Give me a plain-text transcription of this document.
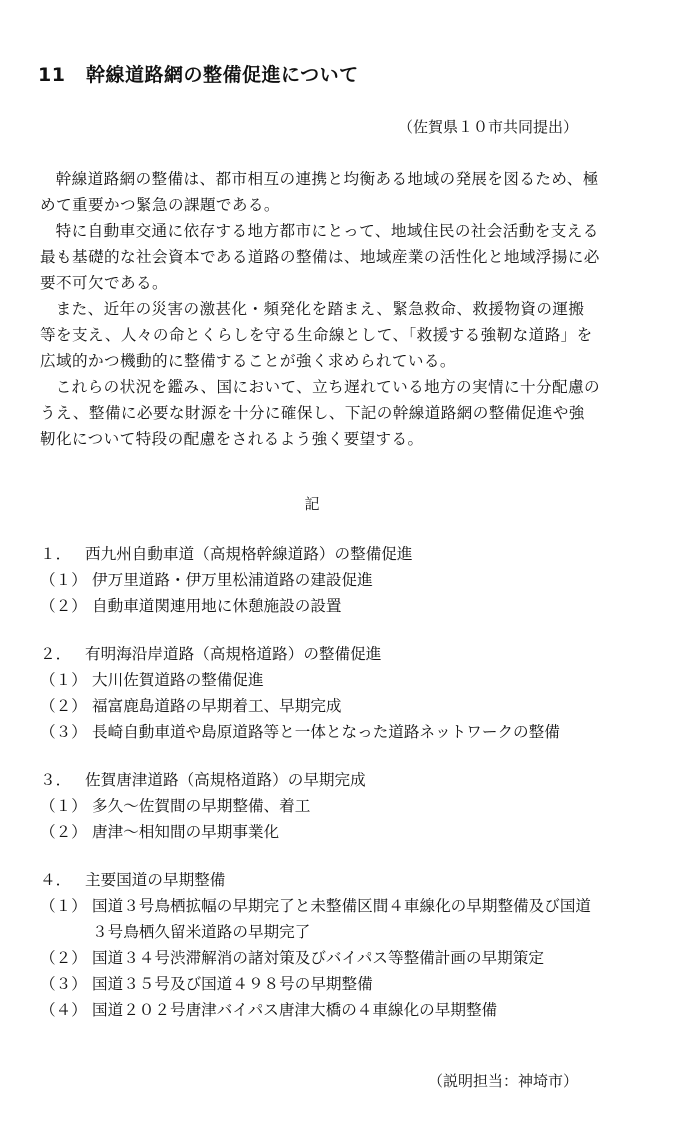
11 幹線道路網の整備促進について
（佐賀県１０市共同提出）

幹線道路網の整備は、都市相互の連携と均衡ある地域の発展を図るため、極めて重要かつ緊急の課題である。

特に自動車交通に依存する地方都市にとって、地域住民の社会活動を支える最も基礎的な社会資本である道路の整備は、地域産業の活性化と地域浮揚に必要不可欠である。

また、近年の災害の激甚化・頻発化を踏まえ、緊急救命、救援物資の運搬等を支え、人々の命とくらしを守る生命線として、「救援する強靭な道路」を広域的かつ機動的に整備することが強く求められている。

これらの状況を鑑み、国において、立ち遅れている地方の実情に十分配慮のうえ、整備に必要な財源を十分に確保し、下記の幹線道路網の整備促進や強靭化について特段の配慮をされるよう強く要望する。

記
１． 西九州自動車道（高規格幹線道路）の整備促進
（１） 伊万里道路・伊万里松浦道路の建設促進
（２） 自動車道関連用地に休憩施設の設置
２． 有明海沿岸道路（高規格道路）の整備促進
（１） 大川佐賀道路の整備促進
（２） 福富鹿島道路の早期着工、早期完成
（３） 長崎自動車道や島原道路等と一体となった道路ネットワークの整備
３． 佐賀唐津道路（高規格道路）の早期完成
（１） 多久～佐賀間の早期整備、着工
（２） 唐津～相知間の早期事業化
４． 主要国道の早期整備
（１） 国道３号鳥栖拡幅の早期完了と未整備区間４車線化の早期整備及び国道３号鳥栖久留米道路の早期完了
（２） 国道３４号渋滞解消の諸対策及びバイパス等整備計画の早期策定
（３） 国道３５号及び国道４９８号の早期整備
（４） 国道２０２号唐津バイパス唐津大橋の４車線化の早期整備
（説明担当：神埼市）
